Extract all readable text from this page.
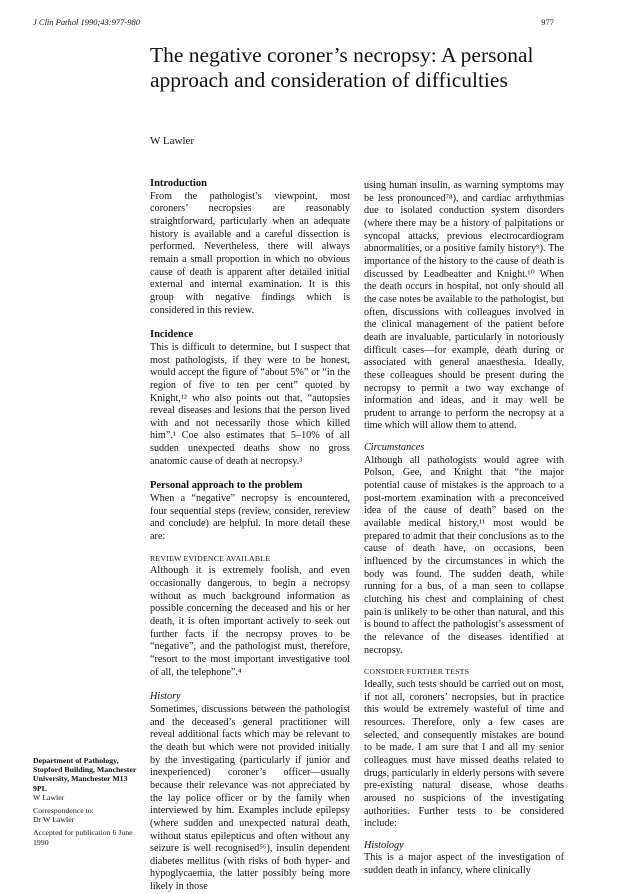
J Clin Pathol 1990;43:977-980	977
The negative coroner’s necropsy: A personal approach and consideration of difficulties
W Lawler
Introduction

From the pathologist’s viewpoint, most coroners’ necropsies are reasonably straightforward, particularly when an adequate history is available and a careful dissection is performed. Nevertheless, there will always remain a small proportion in which no obvious cause of death is apparent after detailed initial external and internal examination. It is this group with negative findings which is considered in this review.

Incidence

This is difficult to determine, but I suspect that most pathologists, if they were to be honest, would accept the figure of “about 5%” or “in the region of five to ten per cent” quoted by Knight,¹² who also points out that, “autopsies reveal diseases and lesions that the person lived with and not necessarily those which killed him”.¹ Coe also estimates that 5–10% of all sudden unexpected deaths show no gross anatomic cause of death at necropsy.³

Personal approach to the problem

When a “negative” necropsy is encountered, four sequential steps (review, consider, rereview and conclude) are helpful. In more detail these are:

REVIEW EVIDENCE AVAILABLE

Although it is extremely foolish, and even occasionally dangerous, to begin a necropsy without as much background information as possible concerning the deceased and his or her death, it is often important actively to seek out further facts if the necropsy proves to be “negative”, and the pathologist must, therefore, “resort to the most important investigative tool of all, the telephone”.⁴

History

Sometimes, discussions between the pathologist and the deceased’s general practitioner will reveal additional facts which may be relevant to the death but which were not provided initially by the investigating (particularly if junior and inexperienced) coroner’s officer—usually because their relevance was not appreciated by the lay police officer or by the family when interviewed by him. Examples include epilepsy (where sudden and unexpected natural death, without status epilepticus and often without any seizure is well recognised⁵⁶), insulin dependent diabetes mellitus (with risks of both hyper- and hypoglycaemia, the latter possibly being more likely in those

using human insulin, as warning symptoms may be less pronounced⁷⁸), and cardiac arrhythmias due to isolated conduction system disorders (where there may be a history of palpitations or syncopal attacks, previous electrocardiogram abnormalities, or a positive family history⁹). The importance of the history to the cause of death is discussed by Leadbeatter and Knight.¹⁰ When the death occurs in hospital, not only should all the case notes be available to the pathologist, but often, discussions with colleagues involved in the clinical management of the patient before death are invaluable, particularly in notoriously difficult cases—for example, death during or associated with general anaesthesia. Ideally, these colleagues should be present during the necropsy to permit a two way exchange of information and ideas, and it may well be prudent to arrange to perform the necropsy at a time which will allow them to attend.

Circumstances

Although all pathologists would agree with Polson, Gee, and Knight that “the major potential cause of mistakes is the approach to a post-mortem examination with a preconceived idea of the cause of death” based on the available medical history,¹¹ most would be prepared to admit that their conclusions as to the cause of death have, on occasions, been influenced by the circumstances in which the body was found. The sudden death, while running for a bus, of a man seen to collapse clutching his chest and complaining of chest pain is unlikely to be other than natural, and this is bound to affect the pathologist’s assessment of the relevance of the diseases identified at necropsy.

CONSIDER FURTHER TESTS

Ideally, such tests should be carried out on most, if not all, coroners’ necropsies, but in practice this would be extremely wasteful of time and resources. Therefore, only a few cases are selected, and consequently mistakes are bound to be made. I am sure that I and all my senior colleagues must have missed deaths related to drugs, particularly in elderly persons with severe pre-existing natural disease, whose deaths aroused no suspicions of the investigating authorities. Further tests to be considered include:

Histology

This is a major aspect of the investigation of sudden death in infancy, where clinically

Department of Pathology, Stopford Building, Manchester University, Manchester M13 9PL
W Lawler
Correspondence to:
Dr W Lawler
Accepted for publication 6 June 1990
